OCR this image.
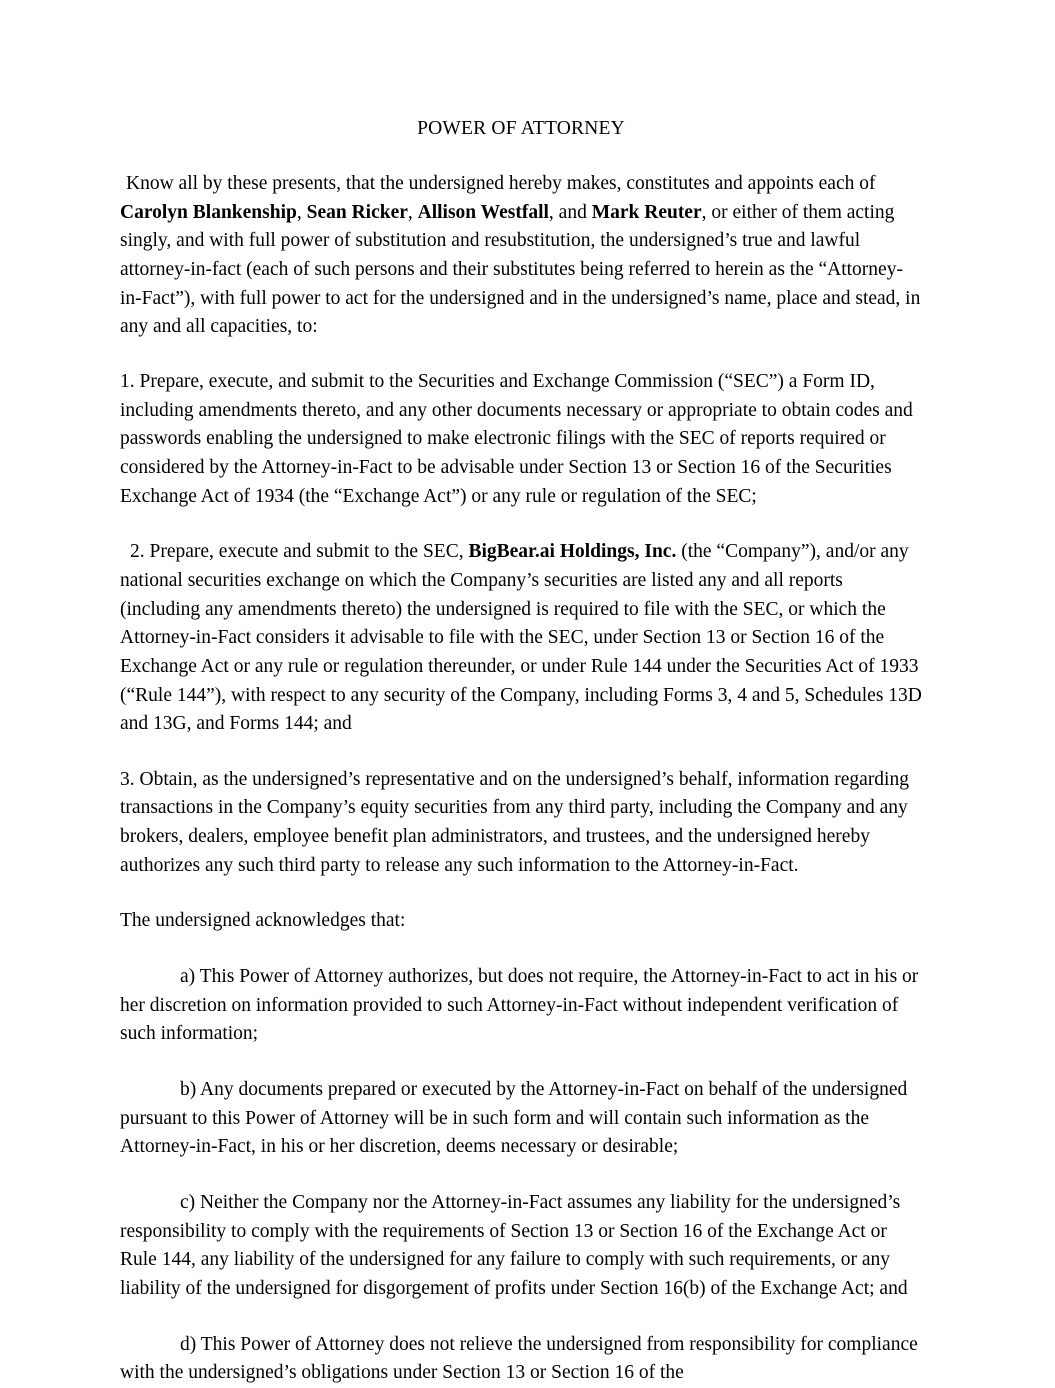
POWER OF ATTORNEY

Know all by these presents, that the undersigned hereby makes, constitutes and appoints each of Carolyn Blankenship, Sean Ricker, Allison Westfall, and Mark Reuter, or either of them acting singly, and with full power of substitution and resubstitution, the undersigned’s true and lawful attorney-in-fact (each of such persons and their substitutes being referred to herein as the “Attorney-in-Fact”), with full power to act for the undersigned and in the undersigned’s name, place and stead, in any and all capacities, to:

1. Prepare, execute, and submit to the Securities and Exchange Commission (“SEC”) a Form ID, including amendments thereto, and any other documents necessary or appropriate to obtain codes and passwords enabling the undersigned to make electronic filings with the SEC of reports required or considered by the Attorney-in-Fact to be advisable under Section 13 or Section 16 of the Securities Exchange Act of 1934 (the “Exchange Act”) or any rule or regulation of the SEC;

2. Prepare, execute and submit to the SEC, BigBear.ai Holdings, Inc. (the “Company”), and/or any national securities exchange on which the Company’s securities are listed any and all reports (including any amendments thereto) the undersigned is required to file with the SEC, or which the Attorney-in-Fact considers it advisable to file with the SEC, under Section 13 or Section 16 of the Exchange Act or any rule or regulation thereunder, or under Rule 144 under the Securities Act of 1933 (“Rule 144”), with respect to any security of the Company, including Forms 3, 4 and 5, Schedules 13D and 13G, and Forms 144; and

3. Obtain, as the undersigned’s representative and on the undersigned’s behalf, information regarding transactions in the Company’s equity securities from any third party, including the Company and any brokers, dealers, employee benefit plan administrators, and trustees, and the undersigned hereby authorizes any such third party to release any such information to the Attorney-in-Fact.

The undersigned acknowledges that:

a) This Power of Attorney authorizes, but does not require, the Attorney-in-Fact to act in his or her discretion on information provided to such Attorney-in-Fact without independent verification of such information;

b) Any documents prepared or executed by the Attorney-in-Fact on behalf of the undersigned pursuant to this Power of Attorney will be in such form and will contain such information as the Attorney-in-Fact, in his or her discretion, deems necessary or desirable;

c) Neither the Company nor the Attorney-in-Fact assumes any liability for the undersigned’s responsibility to comply with the requirements of Section 13 or Section 16 of the Exchange Act or Rule 144, any liability of the undersigned for any failure to comply with such requirements, or any liability of the undersigned for disgorgement of profits under Section 16(b) of the Exchange Act; and

d) This Power of Attorney does not relieve the undersigned from responsibility for compliance with the undersigned’s obligations under Section 13 or Section 16 of the
